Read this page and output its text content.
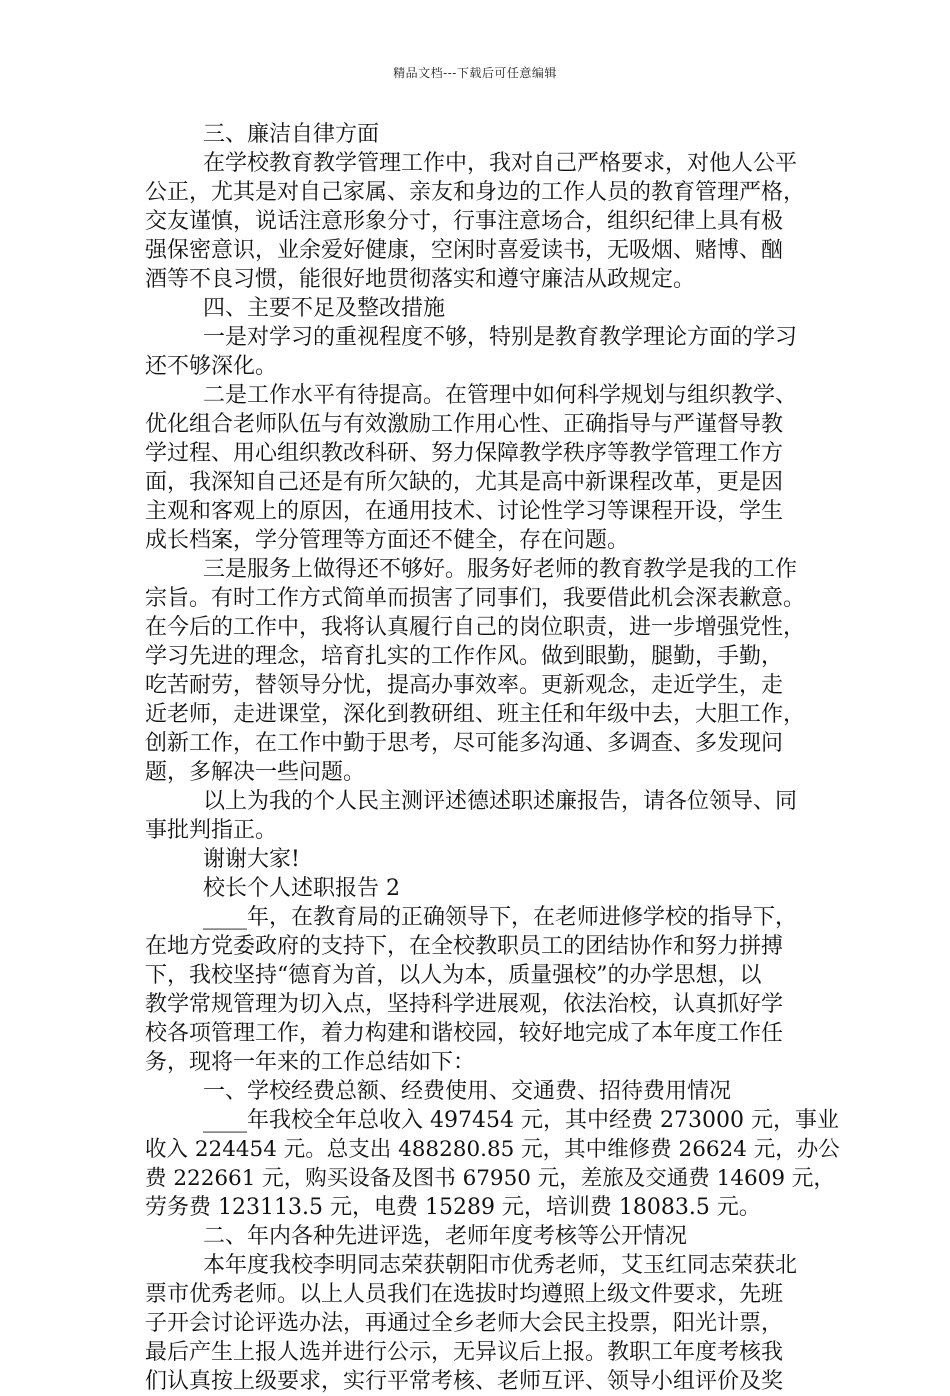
精品文档---下载后可任意编辑
三、廉洁自律方面
在学校教育教学管理工作中，我对自己严格要求，对他人公平
公正，尤其是对自己家属、亲友和身边的工作人员的教育管理严格，
交友谨慎，说话注意形象分寸，行事注意场合，组织纪律上具有极
强保密意识，业余爱好健康，空闲时喜爱读书，无吸烟、赌博、酗
酒等不良习惯，能很好地贯彻落实和遵守廉洁从政规定。
四、主要不足及整改措施
一是对学习的重视程度不够，特别是教育教学理论方面的学习
还不够深化。
二是工作水平有待提高。在管理中如何科学规划与组织教学、
优化组合老师队伍与有效激励工作用心性、正确指导与严谨督导教
学过程、用心组织教改科研、努力保障教学秩序等教学管理工作方
面，我深知自己还是有所欠缺的，尤其是高中新课程改革，更是因
主观和客观上的原因，在通用技术、讨论性学习等课程开设，学生
成长档案，学分管理等方面还不健全，存在问题。
三是服务上做得还不够好。服务好老师的教育教学是我的工作
宗旨。有时工作方式简单而损害了同事们，我要借此机会深表歉意。
在今后的工作中，我将认真履行自己的岗位职责，进一步增强党性，
学习先进的理念，培育扎实的工作作风。做到眼勤，腿勤，手勤，
吃苦耐劳，替领导分忧，提高办事效率。更新观念，走近学生，走
近老师，走进课堂，深化到教研组、班主任和年级中去，大胆工作，
创新工作，在工作中勤于思考，尽可能多沟通、多调查、多发现问
题，多解决一些问题。
以上为我的个人民主测评述德述职述廉报告，请各位领导、同
事批判指正。
谢谢大家!
校长个人述职报告 2
____年，在教育局的正确领导下，在老师进修学校的指导下，
在地方党委政府的支持下，在全校教职员工的团结协作和努力拼搏
下，我校坚持“德育为首，以人为本，质量强校”的办学思想，以
教学常规管理为切入点，坚持科学进展观，依法治校，认真抓好学
校各项管理工作，着力构建和谐校园，较好地完成了本年度工作任
务，现将一年来的工作总结如下：
一、学校经费总额、经费使用、交通费、招待费用情况
____年我校全年总收入 497454 元，其中经费 273000 元，事业
收入 224454 元。总支出 488280.85 元，其中维修费 26624 元，办公
费 222661 元，购买设备及图书 67950 元，差旅及交通费 14609 元，
劳务费 123113.5 元，电费 15289 元，培训费 18083.5 元。
二、年内各种先进评选，老师年度考核等公开情况
本年度我校李明同志荣获朝阳市优秀老师，艾玉红同志荣获北
票市优秀老师。以上人员我们在选拔时均遵照上级文件要求，先班
子开会讨论评选办法，再通过全乡老师大会民主投票，阳光计票，
最后产生上报人选并进行公示，无异议后上报。教职工年度考核我
们认真按上级要求，实行平常考核、老师互评、领导小组评价及奖
